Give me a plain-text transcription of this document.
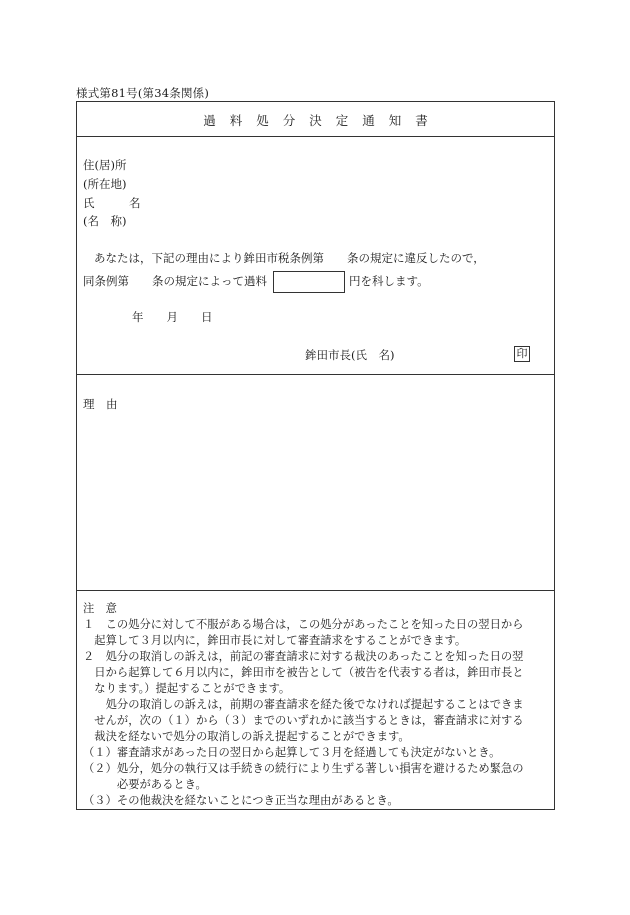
様式第81号(第34条関係)
過料処分決定通知書
住(居)所
(所在地)
氏　　　名
(名　称)
あなたは，下記の理由により鉾田市税条例第　　条の規定に違反したので，
同条例第　　条の規定によって過料	円を科します。
年　　月　　日
鉾田市長(氏　名)	印
理　由
注　意
１　この処分に対して不服がある場合は，この処分があったことを知った日の翌日から
　起算して３月以内に，鉾田市長に対して審査請求をすることができます。
２　処分の取消しの訴えは，前記の審査請求に対する裁決のあったことを知った日の翌
　日から起算して６月以内に，鉾田市を被告として（被告を代表する者は，鉾田市長と
　なります。）提起することができます。
　　処分の取消しの訴えは，前期の審査請求を経た後でなければ提起することはできま
　せんが，次の（１）から（３）までのいずれかに該当するときは，審査請求に対する
　裁決を経ないで処分の取消しの訴え提起することができます。
（１）審査請求があった日の翌日から起算して３月を経過しても決定がないとき。
（２）処分，処分の執行又は手続きの続行により生ずる著しい損害を避けるため緊急の
　　　必要があるとき。
（３）その他裁決を経ないことにつき正当な理由があるとき。
